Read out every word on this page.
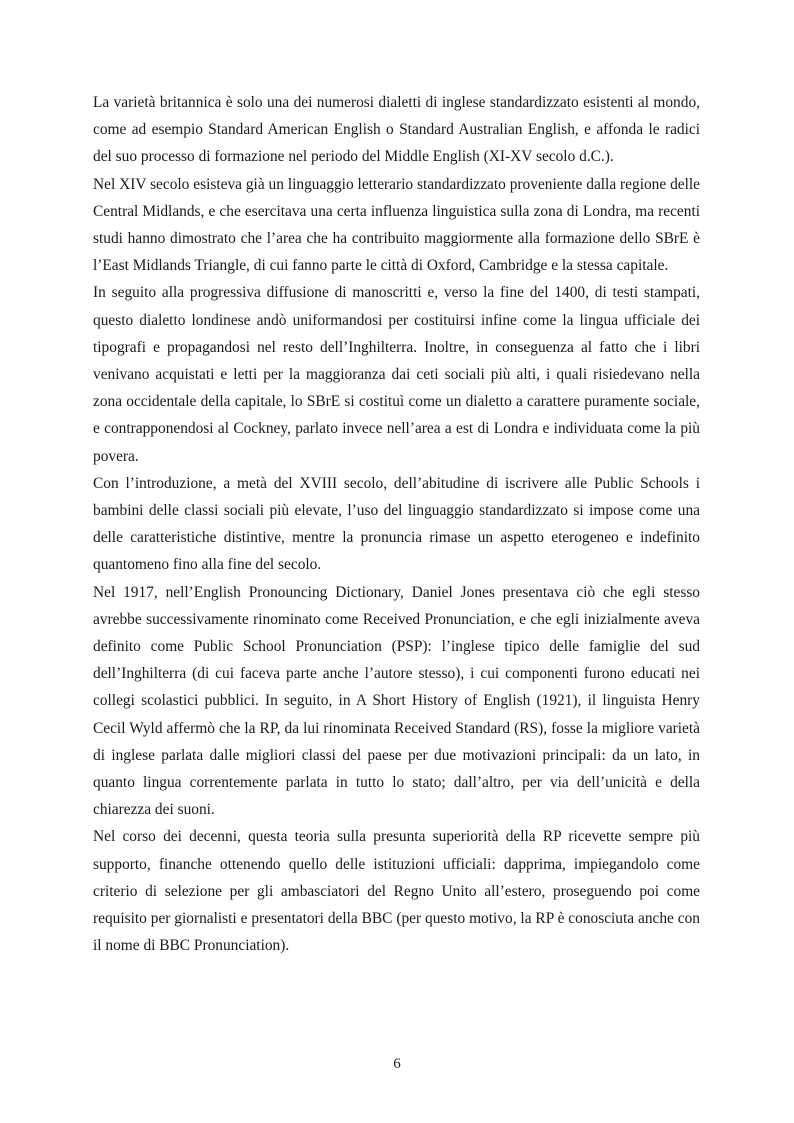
La varietà britannica è solo una dei numerosi dialetti di inglese standardizzato esistenti al mondo, come ad esempio Standard American English o Standard Australian English, e affonda le radici del suo processo di formazione nel periodo del Middle English (XI-XV secolo d.C.).

Nel XIV secolo esisteva già un linguaggio letterario standardizzato proveniente dalla regione delle Central Midlands, e che esercitava una certa influenza linguistica sulla zona di Londra, ma recenti studi hanno dimostrato che l’area che ha contribuito maggiormente alla formazione dello SBrE è l’East Midlands Triangle, di cui fanno parte le città di Oxford, Cambridge e la stessa capitale.

In seguito alla progressiva diffusione di manoscritti e, verso la fine del 1400, di testi stampati, questo dialetto londinese andò uniformandosi per costituirsi infine come la lingua ufficiale dei tipografi e propagandosi nel resto dell’Inghilterra. Inoltre, in conseguenza al fatto che i libri venivano acquistati e letti per la maggioranza dai ceti sociali più alti, i quali risiedevano nella zona occidentale della capitale, lo SBrE si costituì come un dialetto a carattere puramente sociale, e contrapponendosi al Cockney, parlato invece nell’area a est di Londra e individuata come la più povera.

Con l’introduzione, a metà del XVIII secolo, dell’abitudine di iscrivere alle Public Schools i bambini delle classi sociali più elevate, l’uso del linguaggio standardizzato si impose come una delle caratteristiche distintive, mentre la pronuncia rimase un aspetto eterogeneo e indefinito quantomeno fino alla fine del secolo.

Nel 1917, nell’English Pronouncing Dictionary, Daniel Jones presentava ciò che egli stesso avrebbe successivamente rinominato come Received Pronunciation, e che egli inizialmente aveva definito come Public School Pronunciation (PSP): l’inglese tipico delle famiglie del sud dell’Inghilterra (di cui faceva parte anche l’autore stesso), i cui componenti furono educati nei collegi scolastici pubblici. In seguito, in A Short History of English (1921), il linguista Henry Cecil Wyld affermò che la RP, da lui rinominata Received Standard (RS), fosse la migliore varietà di inglese parlata dalle migliori classi del paese per due motivazioni principali: da un lato, in quanto lingua correntemente parlata in tutto lo stato; dall’altro, per via dell’unicità e della chiarezza dei suoni.

Nel corso dei decenni, questa teoria sulla presunta superiorità della RP ricevette sempre più supporto, finanche ottenendo quello delle istituzioni ufficiali: dapprima, impiegandolo come criterio di selezione per gli ambasciatori del Regno Unito all’estero, proseguendo poi come requisito per giornalisti e presentatori della BBC (per questo motivo, la RP è conosciuta anche con il nome di BBC Pronunciation).

6
